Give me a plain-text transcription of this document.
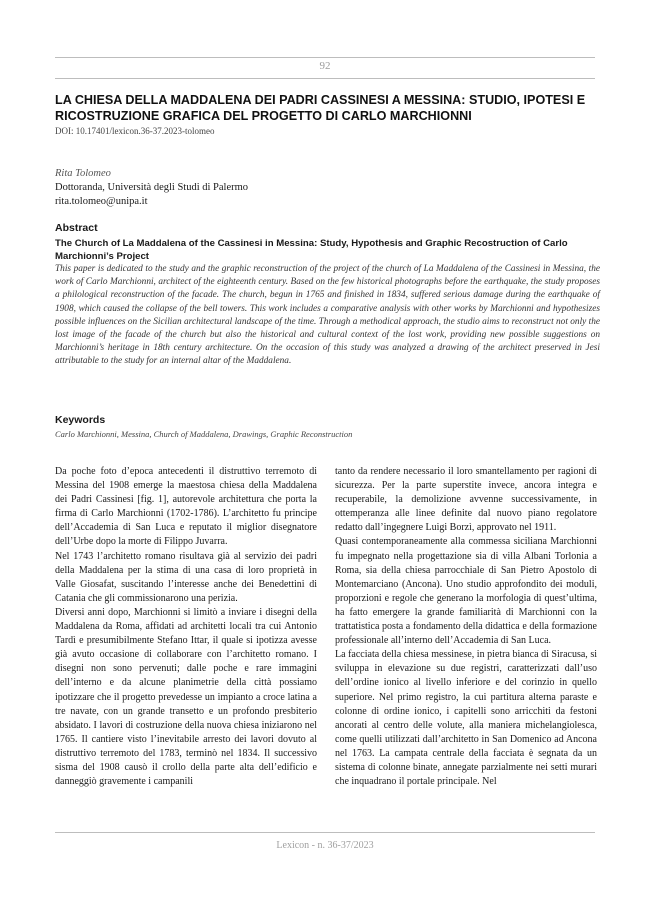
92
LA CHIESA DELLA MADDALENA DEI PADRI CASSINESI A MESSINA: STUDIO, IPOTESI E RICOSTRUZIONE GRAFICA DEL PROGETTO DI CARLO MARCHIONNI
DOI: 10.17401/lexicon.36-37.2023-tolomeo
Rita Tolomeo
Dottoranda, Università degli Studi di Palermo
rita.tolomeo@unipa.it
Abstract
The Church of La Maddalena of the Cassinesi in Messina: Study, Hypothesis and Graphic Recostruction of Carlo Marchionni’s Project

This paper is dedicated to the study and the graphic reconstruction of the project of the church of La Maddalena of the Cassinesi in Messina, the work of Carlo Marchionni, architect of the eighteenth century. Based on the few historical photographs before the earthquake, the study proposes a philological reconstruction of the facade. The church, begun in 1765 and finished in 1834, suffered serious damage during the earthquake of 1908, which caused the collapse of the bell towers. This work includes a comparative analysis with other works by Marchionni and hypothesizes possible influences on the Sicilian architectural landscape of the time. Through a methodical approach, the studio aims to reconstruct not only the lost image of the facade of the church but also the historical and cultural context of the lost work, providing new possible suggestions on Marchionni’s heritage in 18th century architecture. On the occasion of this study was analyzed a drawing of the architect preserved in Jesi attributable to the study for an internal altar of the Maddalena.

Keywords
Carlo Marchionni, Messina, Church of Maddalena, Drawings, Graphic Reconstruction

Da poche foto d’epoca antecedenti il distruttivo terremoto di Messina del 1908 emerge la maestosa chiesa della Maddalena dei Padri Cassinesi [fig. 1], autorevole architettura che porta la firma di Carlo Marchionni (1702-1786). L’architetto fu principe dell’Accademia di San Luca e reputato il miglior disegnatore dell’Urbe dopo la morte di Filippo Juvarra.

Nel 1743 l’architetto romano risultava già al servizio dei padri della Maddalena per la stima di una casa di loro proprietà in Valle Giosafat, suscitando l’interesse anche dei Benedettini di Catania che gli commissionarono una perizia.

Diversi anni dopo, Marchionni si limitò a inviare i disegni della Maddalena da Roma, affidati ad architetti locali tra cui Antonio Tardì e presumibilmente Stefano Ittar, il quale si ipotizza avesse già avuto occasione di collaborare con l’architetto romano. I disegni non sono pervenuti; dalle poche e rare immagini dell’interno e da alcune planimetrie della città possiamo ipotizzare che il progetto prevedesse un impianto a croce latina a tre navate, con un grande transetto e un profondo presbiterio absidato. I lavori di costruzione della nuova chiesa iniziarono nel 1765. Il cantiere visto l’inevitabile arresto dei lavori dovuto al distruttivo terremoto del 1783, terminò nel 1834. Il successivo sisma del 1908 causò il crollo della parte alta dell’edificio e danneggiò gravemente i campanili

tanto da rendere necessario il loro smantellamento per ragioni di sicurezza. Per la parte superstite invece, ancora integra e recuperabile, la demolizione avvenne successivamente, in ottemperanza alle linee definite dal nuovo piano regolatore redatto dall’ingegnere Luigi Borzì, approvato nel 1911.

Quasi contemporaneamente alla commessa siciliana Marchionni fu impegnato nella progettazione sia di villa Albani Torlonia a Roma, sia della chiesa parrocchiale di San Pietro Apostolo di Montemarciano (Ancona). Uno studio approfondito dei moduli, proporzioni e regole che generano la morfologia di quest’ultima, ha fatto emergere la grande familiarità di Marchionni con la trattatistica posta a fondamento della didattica e della formazione professionale all’interno dell’Accademia di San Luca.

La facciata della chiesa messinese, in pietra bianca di Siracusa, si sviluppa in elevazione su due registri, caratterizzati dall’uso dell’ordine ionico al livello inferiore e del corinzio in quello superiore. Nel primo registro, la cui partitura alterna paraste e colonne di ordine ionico, i capitelli sono arricchiti da festoni ancorati al centro delle volute, alla maniera michelangiolesca, come quelli utilizzati dall’architetto in San Domenico ad Ancona nel 1763. La campata centrale della facciata è segnata da un sistema di colonne binate, annegate parzialmente nei setti murari che inquadrano il portale principale. Nel

Lexicon - n. 36-37/2023
